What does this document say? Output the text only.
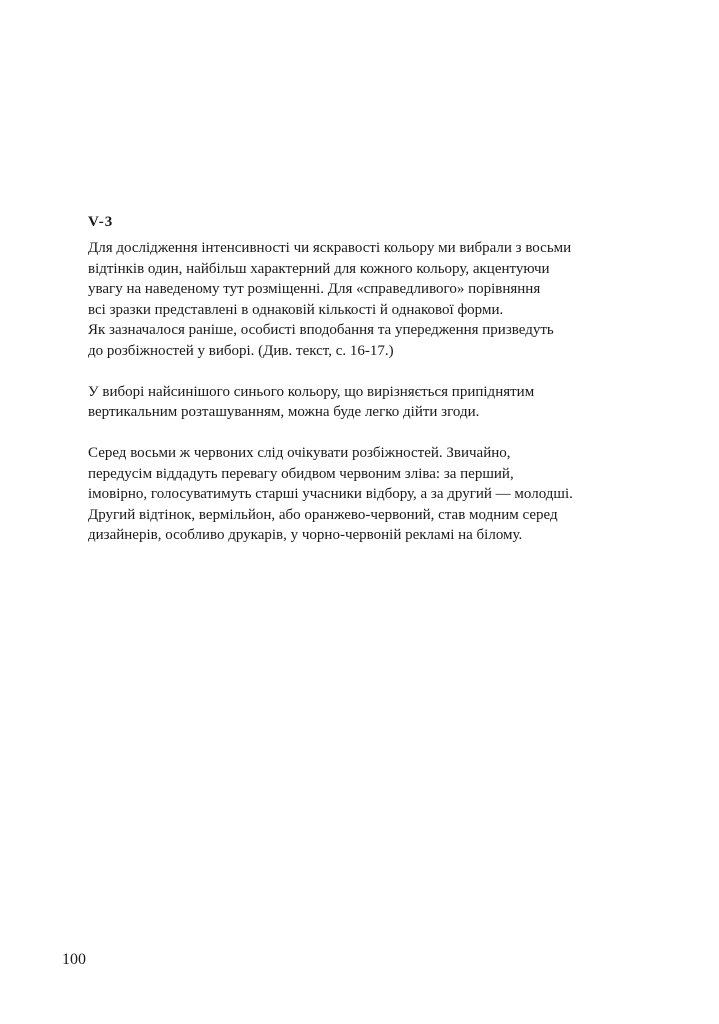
V-3

Для дослідження інтенсивності чи яскравості кольору ми вибрали з восьми
відтінків один, найбільш характерний для кожного кольору, акцентуючи
увагу на наведеному тут розміщенні. Для «справедливого» порівняння
всі зразки представлені в однаковій кількості й однакової форми.
Як зазначалося раніше, особисті вподобання та упередження призведуть
до розбіжностей у виборі. (Див. текст, с. 16-17.)

У виборі найсинішого синього кольору, що вирізняється припіднятим
вертикальним розташуванням, можна буде легко дійти згоди.

Серед восьми ж червоних слід очікувати розбіжностей. Звичайно,
передусім віддадуть перевагу обидвом червоним зліва: за перший,
імовірно, голосуватимуть старші учасники відбору, а за другий — молодші.
Другий відтінок, вермільйон, або оранжево-червоний, став модним серед
дизайнерів, особливо друкарів, у чорно-червоній рекламі на білому.

100
